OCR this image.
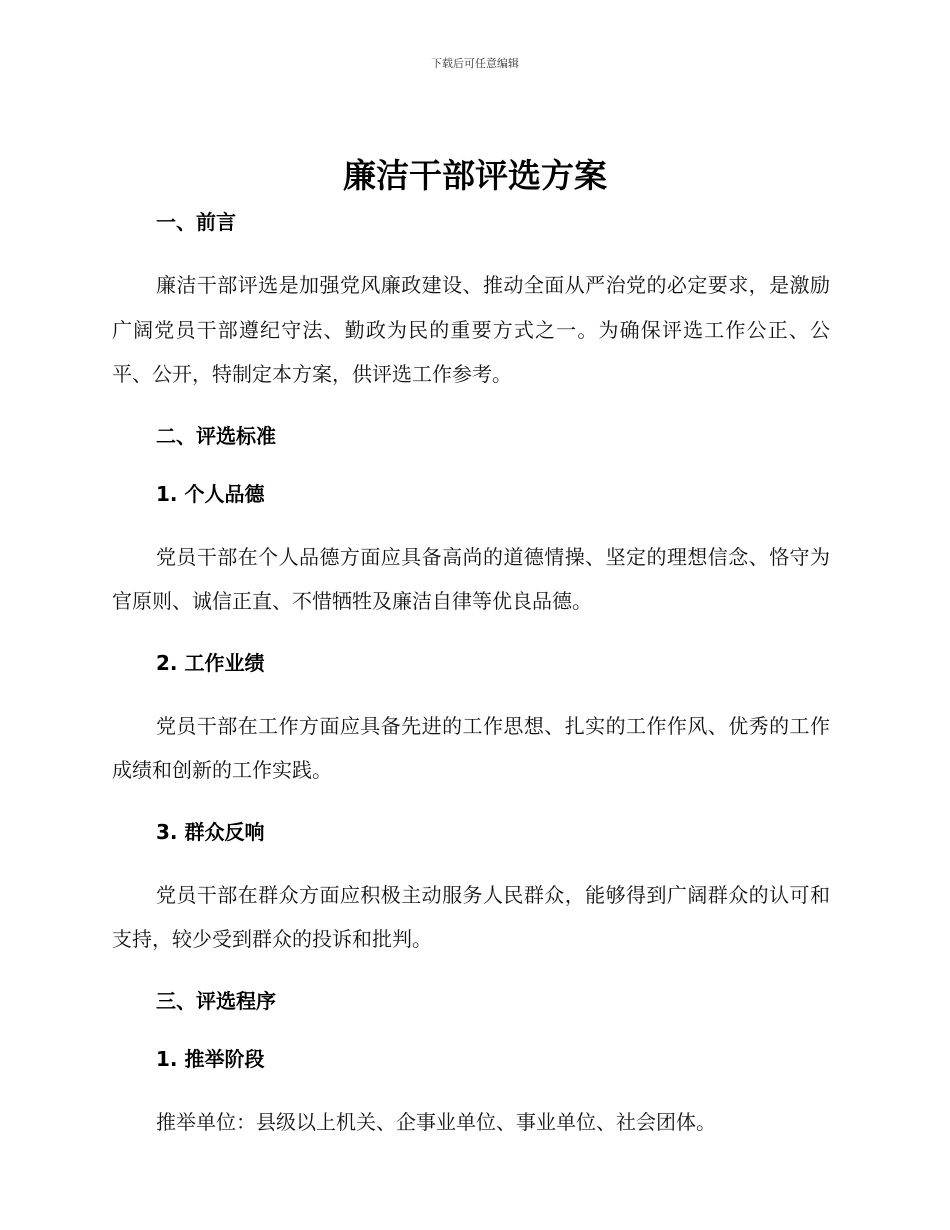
下载后可任意编辑
廉洁干部评选方案

一、前言

廉洁干部评选是加强党风廉政建设、推动全面从严治党的必定要求，是激励广阔党员干部遵纪守法、勤政为民的重要方式之一。为确保评选工作公正、公平、公开，特制定本方案，供评选工作参考。

二、评选标准

1. 个人品德

党员干部在个人品德方面应具备高尚的道德情操、坚定的理想信念、恪守为官原则、诚信正直、不惜牺牲及廉洁自律等优良品德。

2. 工作业绩

党员干部在工作方面应具备先进的工作思想、扎实的工作作风、优秀的工作成绩和创新的工作实践。

3. 群众反响

党员干部在群众方面应积极主动服务人民群众，能够得到广阔群众的认可和支持，较少受到群众的投诉和批判。

三、评选程序

1. 推举阶段

推举单位：县级以上机关、企事业单位、事业单位、社会团体。
